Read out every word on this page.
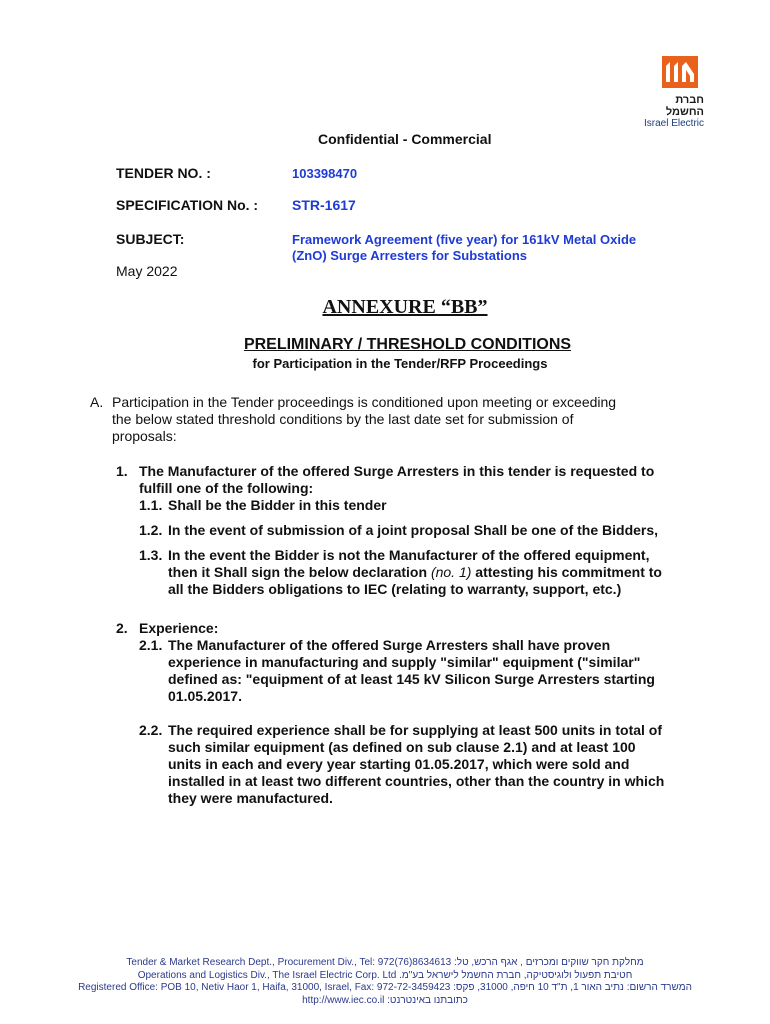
חברת החשמל
Israel Electric
Confidential - Commercial
TENDER NO. :	103398470
SPECIFICATION No. : STR-1617
SUBJECT:	Framework Agreement (five year) for 161kV Metal Oxide
(ZnO) Surge Arresters for Substations
May 2022
ANNEXURE “BB”
PRELIMINARY / THRESHOLD CONDITIONS
for Participation in the Tender/RFP Proceedings
A. Participation in the Tender proceedings is conditioned upon meeting or exceeding
the below stated threshold conditions by the last date set for submission of
proposals:
1. The Manufacturer of the offered Surge Arresters in this tender is requested to
fulfill one of the following:
1.1. Shall be the Bidder in this tender
1.2. In the event of submission of a joint proposal Shall be one of the Bidders,
1.3. In the event the Bidder is not the Manufacturer of the offered equipment,
then it Shall sign the below declaration (no. 1) attesting his commitment to
all the Bidders obligations to IEC (relating to warranty, support, etc.)
2. Experience:
2.1. The Manufacturer of the offered Surge Arresters shall have proven
experience in manufacturing and supply "similar" equipment ("similar"
defined as: "equipment of at least 145 kV Silicon Surge Arresters starting
01.05.2017.
2.2. The required experience shall be for supplying at least 500 units in total of
such similar equipment (as defined on sub clause 2.1) and at least 100
units in each and every year starting 01.05.2017, which were sold and
installed in at least two different countries, other than the country in which
they were manufactured.
Tender & Market Research Dept., Procurement Div., Tel: 972(76)8634613 :מחלקת חקר שווקים ומכרזים , אגף הרכש, טל
Operations and Logistics Div., The Israel Electric Corp. Ltd .חטיבת תפעול ולוגיסטיקה, חברת החשמל לישראל בע"מ
Registered Office: POB 10, Netiv Haor 1, Haifa, 31000, Israel, Fax: 972-72-3459423 :המשרד הרשום: נתיב האור 1, ת"ד 10 חיפה, 31000, פקס
http://www.iec.co.il :כתובתנו באינטרנט
